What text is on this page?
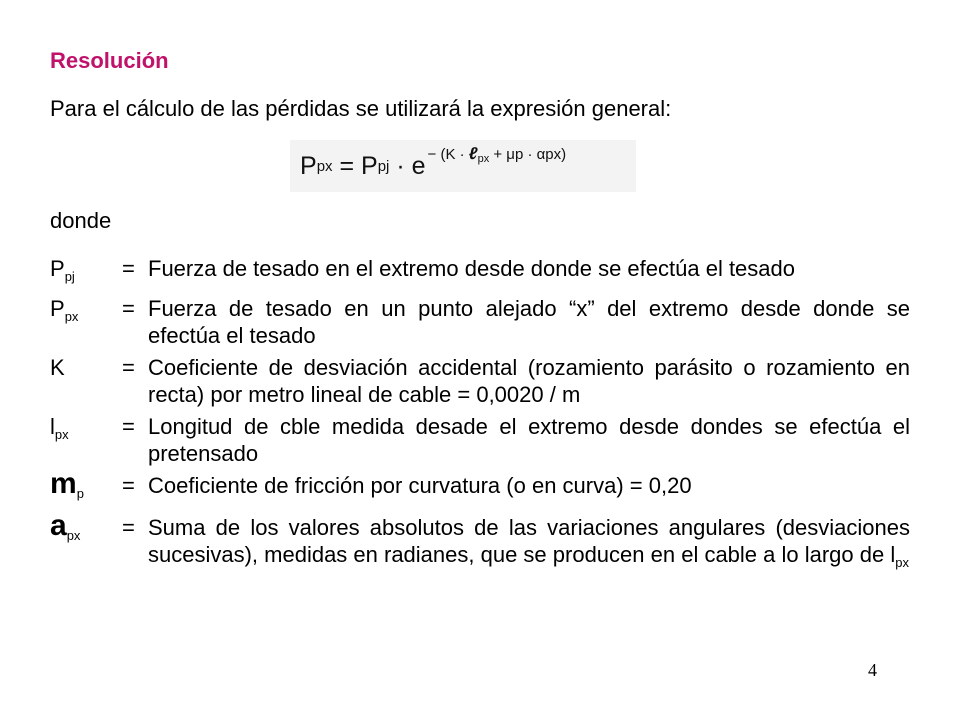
Resolución
Para el cálculo de las pérdidas se utilizará la expresión general:
P px = P pj · e − (K · ℓ$_{px}$ + μp · αpx)
donde
$P_{pj}$	= Fuerza de tesado en el extremo desde donde se efectúa el tesado
$P_{px}$	= Fuerza de tesado en un punto alejado “x” del extremo desde donde se efectúa el tesado
K	= Coeficiente de desviación accidental (rozamiento parásito o rozamiento en recta) por metro lineal de cable = 0,0020 / m
$l_{px}$	= Longitud de cble medida desade el extremo desde dondes se efectúa el pretensado
$m_p$	= Coeficiente de fricción por curvatura (o en curva) = 0,20
$a_{px}$	= Suma de los valores absolutos de las variaciones angulares (desviaciones sucesivas), medidas en radianes, que se producen en el cable a lo largo de $l_{px}$
4
